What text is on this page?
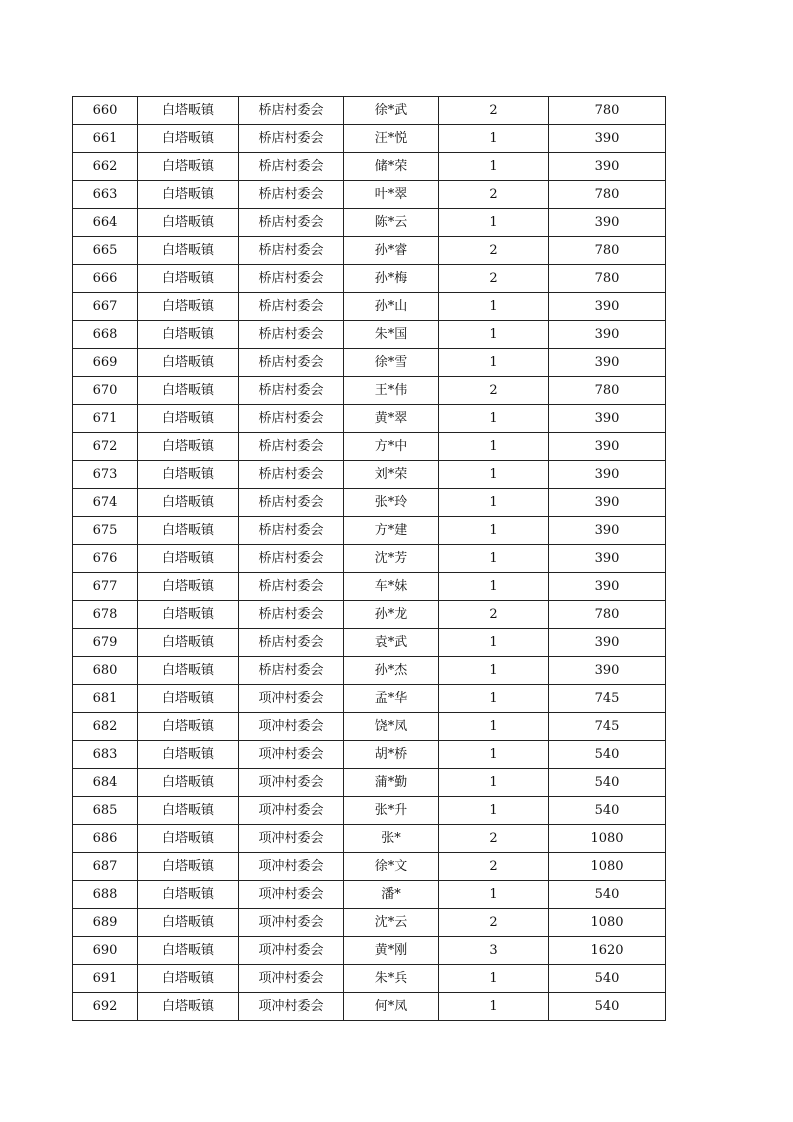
660	白塔畈镇	桥店村委会	徐*武	2	780
661	白塔畈镇	桥店村委会	汪*悦	1	390
662	白塔畈镇	桥店村委会	储*荣	1	390
663	白塔畈镇	桥店村委会	叶*翠	2	780
664	白塔畈镇	桥店村委会	陈*云	1	390
665	白塔畈镇	桥店村委会	孙*睿	2	780
666	白塔畈镇	桥店村委会	孙*梅	2	780
667	白塔畈镇	桥店村委会	孙*山	1	390
668	白塔畈镇	桥店村委会	朱*国	1	390
669	白塔畈镇	桥店村委会	徐*雪	1	390
670	白塔畈镇	桥店村委会	王*伟	2	780
671	白塔畈镇	桥店村委会	黄*翠	1	390
672	白塔畈镇	桥店村委会	方*中	1	390
673	白塔畈镇	桥店村委会	刘*荣	1	390
674	白塔畈镇	桥店村委会	张*玲	1	390
675	白塔畈镇	桥店村委会	方*建	1	390
676	白塔畈镇	桥店村委会	沈*芳	1	390
677	白塔畈镇	桥店村委会	车*妹	1	390
678	白塔畈镇	桥店村委会	孙*龙	2	780
679	白塔畈镇	桥店村委会	袁*武	1	390
680	白塔畈镇	桥店村委会	孙*杰	1	390
681	白塔畈镇	项冲村委会	孟*华	1	745
682	白塔畈镇	项冲村委会	饶*凤	1	745
683	白塔畈镇	项冲村委会	胡*桥	1	540
684	白塔畈镇	项冲村委会	蒲*勤	1	540
685	白塔畈镇	项冲村委会	张*升	1	540
686	白塔畈镇	项冲村委会	张*	2	1080
687	白塔畈镇	项冲村委会	徐*文	2	1080
688	白塔畈镇	项冲村委会	潘*	1	540
689	白塔畈镇	项冲村委会	沈*云	2	1080
690	白塔畈镇	项冲村委会	黄*刚	3	1620
691	白塔畈镇	项冲村委会	朱*兵	1	540
692	白塔畈镇	项冲村委会	何*凤	1	540
